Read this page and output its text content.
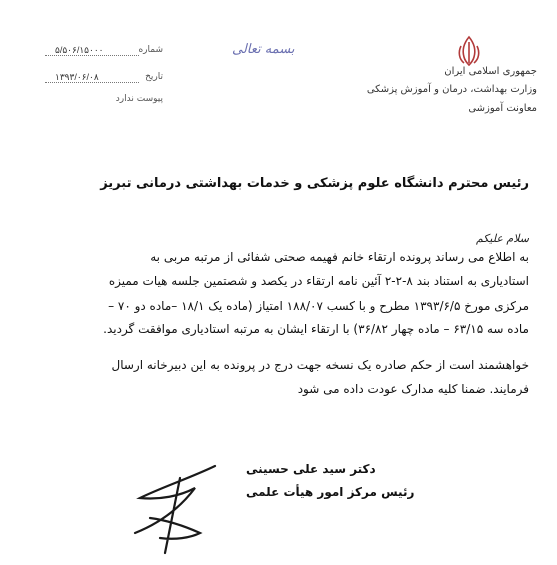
جمهوری اسلامی ایران
وزارت بهداشت، درمان و آموزش پزشکی
معاونت آموزشی
بسمه تعالی
شماره
۵/۵۰۶/۱۵۰۰۰
تاریخ
۱۳۹۳/۰۶/۰۸
پیوست ندارد
رئیس محترم دانشگاه علوم پزشکی و خدمات بهداشتی درمانی تبریز
سلام علیکم
به اطلاع می رساند پرونده ارتقاء خانم فهیمه صحتی شفائی از مرتبه مربی به
استادیاری به استناد بند ۸-۲-۲ آئین نامه ارتقاء در یکصد و شصتمین جلسه هیات ممیزه
مرکزی مورخ ۱۳۹۳/۶/۵ مطرح و با کسب ۱۸۸/۰۷ امتیاز (ماده یک ۱۸/۱ –ماده دو ۷۰ –
ماده سه ۶۳/۱۵ – ماده چهار ۳۶/۸۲) با ارتقاء ایشان به مرتبه استادیاری موافقت گردید.
خواهشمند است از حکم صادره یک نسخه جهت درج در پرونده به این دبیرخانه ارسال
فرمایند. ضمنا کلیه مدارک عودت داده می شود
دکتر سید علی حسینی
رئیس مرکز امور هیأت علمی
